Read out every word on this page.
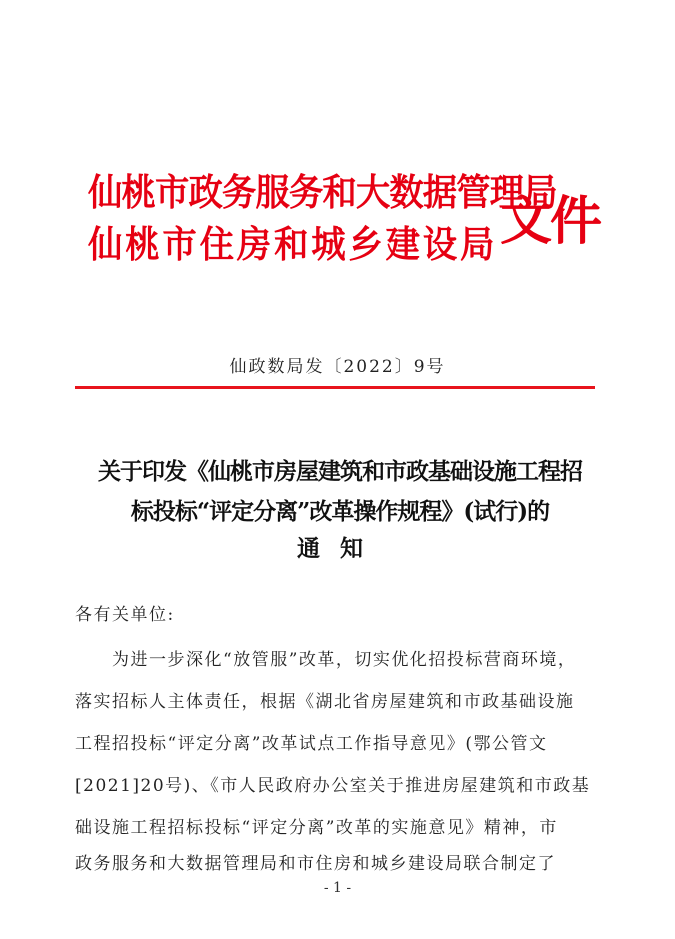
仙桃市政务服务和大数据管理局
仙桃市住房和城乡建设局 文件
仙政数局发〔2022〕9号
关于印发《仙桃市房屋建筑和市政基础设施工程招
标投标“评定分离”改革操作规程》(试行)的
通知
各有关单位:
　　为进一步深化“放管服”改革，切实优化招投标营商环境，
落实招标人主体责任，根据《湖北省房屋建筑和市政基础设施
工程招投标“评定分离”改革试点工作指导意见》(鄂公管文
[2021]20号)、《市人民政府办公室关于推进房屋建筑和市政基
础设施工程招标投标“评定分离”改革的实施意见》精神，市
政务服务和大数据管理局和市住房和城乡建设局联合制定了
- 1 -
